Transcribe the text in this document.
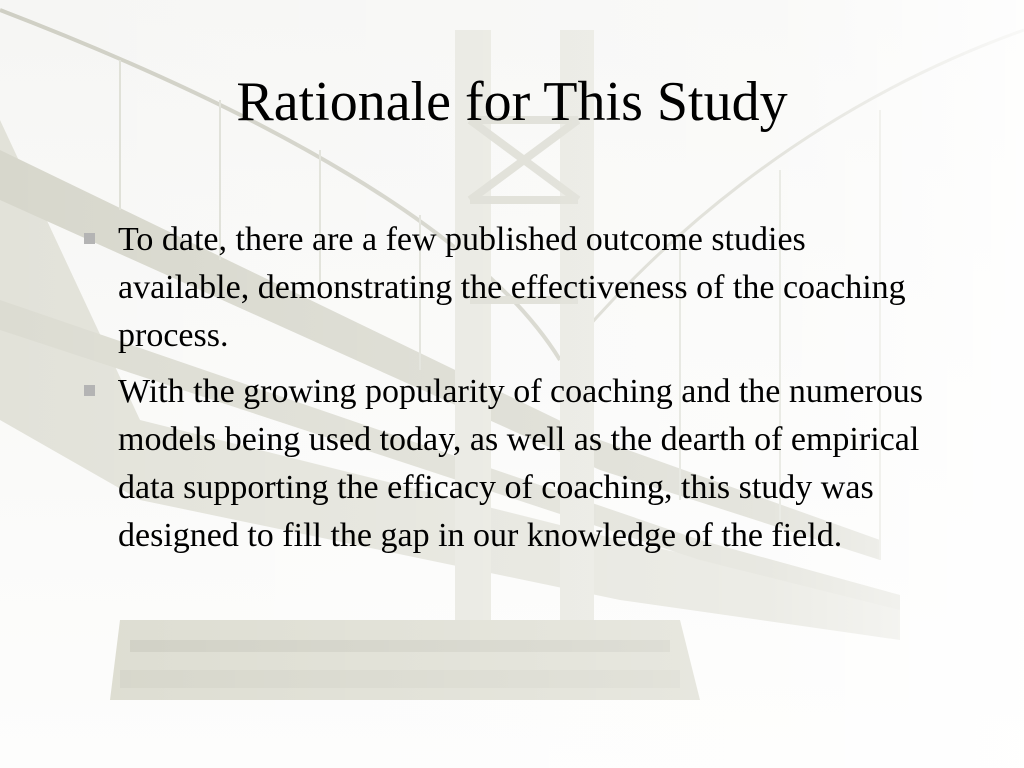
Rationale for This Study
To date, there are a few published outcome studies available, demonstrating the effectiveness of the coaching process.
With the growing popularity of coaching and the numerous models being used today, as well as the dearth of empirical data supporting the efficacy of coaching, this study was designed to fill the gap in our knowledge of the field.
